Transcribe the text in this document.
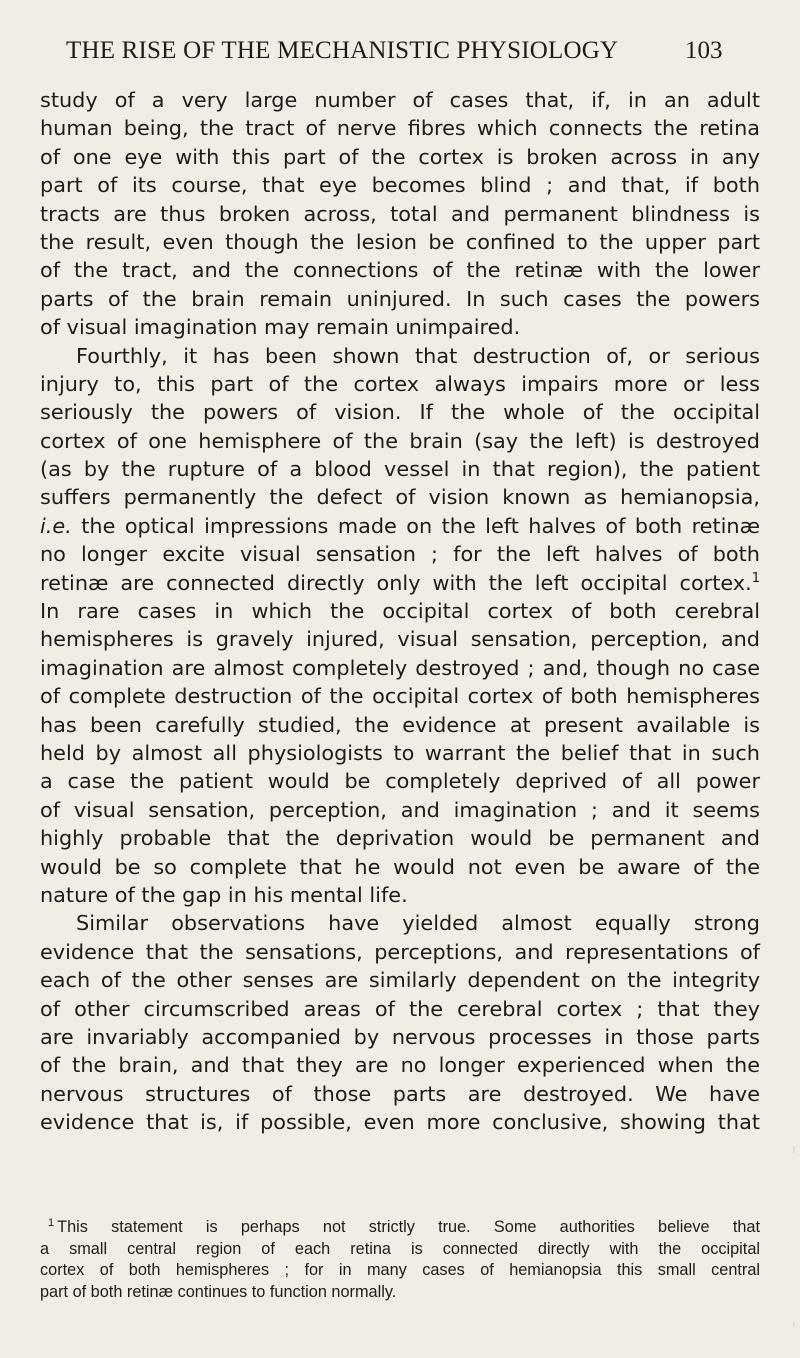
THE RISE OF THE MECHANISTIC PHYSIOLOGY	103
study of a very large number of cases that, if, in an adult
human being, the tract of nerve fibres which connects the retina
of one eye with this part of the cortex is broken across in any
part of its course, that eye becomes blind ; and that, if both
tracts are thus broken across, total and permanent blindness is
the result, even though the lesion be confined to the upper part
of the tract, and the connections of the retinæ with the lower
parts of the brain remain uninjured. In such cases the powers
of visual imagination may remain unimpaired.
Fourthly, it has been shown that destruction of, or serious
injury to, this part of the cortex always impairs more or less
seriously the powers of vision. If the whole of the occipital
cortex of one hemisphere of the brain (say the left) is destroyed
(as by the rupture of a blood vessel in that region), the patient
suffers permanently the defect of vision known as hemianopsia,
i.e. the optical impressions made on the left halves of both retinæ
no longer excite visual sensation ; for the left halves of both
retinæ are connected directly only with the left occipital cortex.$^1$
In rare cases in which the occipital cortex of both cerebral
hemispheres is gravely injured, visual sensation, perception, and
imagination are almost completely destroyed ; and, though no case
of complete destruction of the occipital cortex of both hemispheres
has been carefully studied, the evidence at present available is
held by almost all physiologists to warrant the belief that in such
a case the patient would be completely deprived of all power
of visual sensation, perception, and imagination ; and it seems
highly probable that the deprivation would be permanent and
would be so complete that he would not even be aware of the
nature of the gap in his mental life.
Similar observations have yielded almost equally strong
evidence that the sensations, perceptions, and representations of
each of the other senses are similarly dependent on the integrity
of other circumscribed areas of the cerebral cortex ; that they
are invariably accompanied by nervous processes in those parts
of the brain, and that they are no longer experienced when the
nervous structures of those parts are destroyed. We have
evidence that is, if possible, even more conclusive, showing that
$^1$ This statement is perhaps not strictly true. Some authorities believe that
a small central region of each retina is connected directly with the occipital
cortex of both hemispheres ; for in many cases of hemianopsia this small central
part of both retinæ continues to function normally.
